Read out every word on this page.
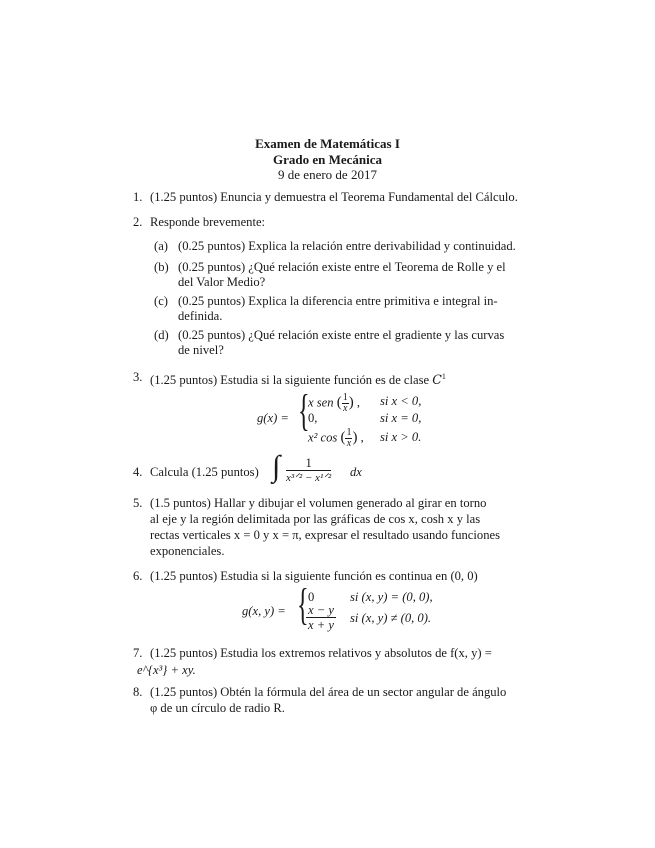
Examen de Matemáticas I
Grado en Mecánica
9 de enero de 2017
1. (1.25 puntos) Enuncia y demuestra el Teorema Fundamental del Cálculo.
2. Responde brevemente:
(a) (0.25 puntos) Explica la relación entre derivabilidad y continuidad.
(b) (0.25 puntos) ¿Qué relación existe entre el Teorema de Rolle y el
del Valor Medio?
(c) (0.25 puntos) Explica la diferencia entre primitiva e integral in-
definida.
(d) (0.25 puntos) ¿Qué relación existe entre el gradiente y las curvas
de nivel?
3. (1.25 puntos) Estudia si la siguiente función es de clase $C^1$
g(x) = {
x sen ( $\frac{1}{x}$ ) , si x < 0,
0,	si x = 0,
x² cos ( $\frac{1}{x}$ ) , si x > 0.
4. Calcula (1.25 puntos) ∫	1
x³ᐟ² − x¹ᐟ² dx
5. (1.5 puntos) Hallar y dibujar el volumen generado al girar en torno
al eje y la región delimitada por las gráficas de cos x, cosh x y las
rectas verticales x = 0 y x = π, expresar el resultado usando funciones
exponenciales.
6. (1.25 puntos) Estudia si la siguiente función es continua en (0, 0)
g(x, y) = { 0	si (x, y) = (0, 0),
$\frac{x - y}{x + y}$ si (x, y) ≠ (0, 0).
7. (1.25 puntos) Estudia los extremos relativos y absolutos de f(x, y) =
e^{x³} + xy.
8. (1.25 puntos) Obtén la fórmula del área de un sector angular de ángulo
φ de un círculo de radio R.
